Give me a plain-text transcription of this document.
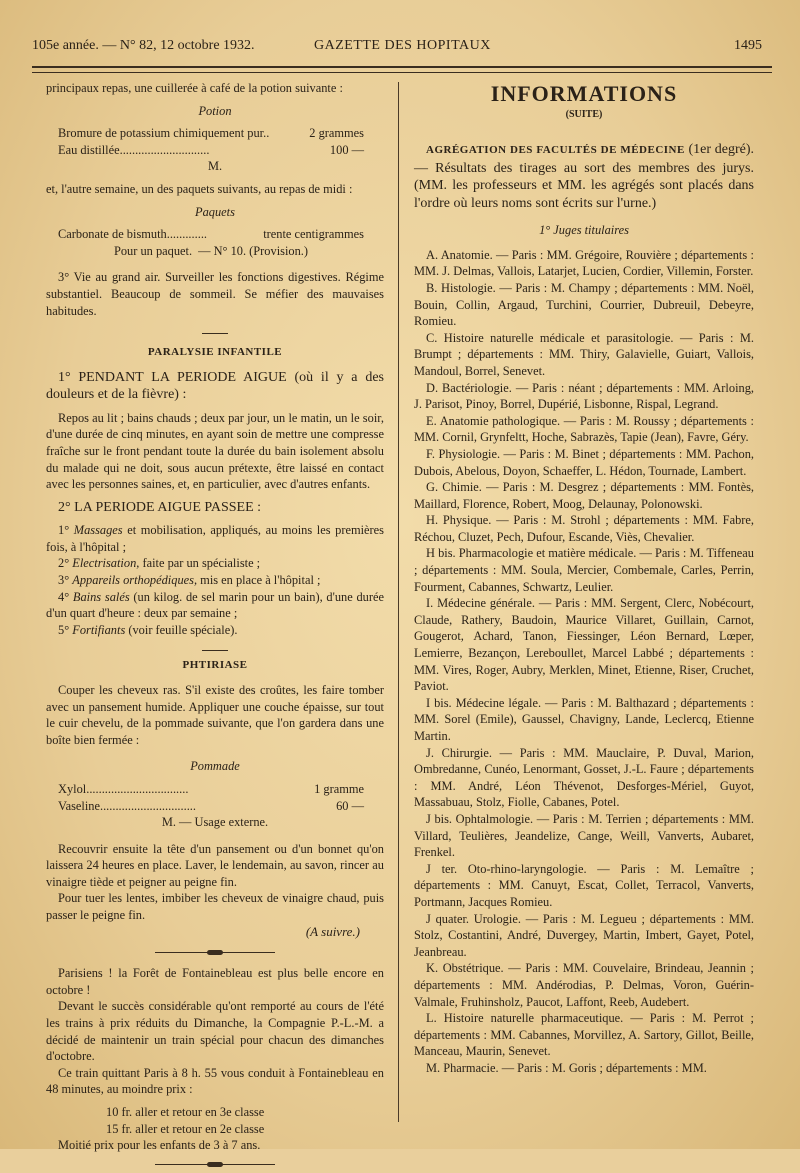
105e année. — N° 82, 12 octobre 1932.	GAZETTE DES HOPITAUX	1495

principaux repas, une cuillerée à café de la potion suivante :

Potion

Bromure de potassium chimiquement pur..	2 grammes
Eau distillée.............................	100 —

M.

et, l'autre semaine, un des paquets suivants, au repas de midi :

Paquets

Carbonate de bismuth.............	trente centigrammes
Pour un paquet. — N° 10. (Provision.)

3° Vie au grand air. Surveiller les fonctions digestives. Régime substantiel. Beaucoup de sommeil. Se méfier des mauvaises habitudes.

PARALYSIE INFANTILE

1° PENDANT LA PERIODE AIGUE (où il y a des douleurs et de la fièvre) :

Repos au lit ; bains chauds ; deux par jour, un le matin, un le soir, d'une durée de cinq minutes, en ayant soin de mettre une compresse fraîche sur le front pendant toute la durée du bain isolement absolu du malade qui ne doit, sous aucun prétexte, être laissé en contact avec les personnes saines, et, en particulier, avec d'autres enfants.

2° LA PERIODE AIGUE PASSEE :

1° Massages et mobilisation, appliqués, au moins les premières fois, à l'hôpital ;

2° Electrisation, faite par un spécialiste ;

3° Appareils orthopédiques, mis en place à l'hôpital ;

4° Bains salés (un kilog. de sel marin pour un bain), d'une durée d'un quart d'heure : deux par semaine ;

5° Fortifiants (voir feuille spéciale).

PHTIRIASE

Couper les cheveux ras. S'il existe des croûtes, les faire tomber avec un pansement humide. Appliquer une couche épaisse, sur tout le cuir chevelu, de la pommade suivante, que l'on gardera dans une boîte bien fermée :

Pommade

Xylol.................................	1 gramme
Vaseline...............................	60 —

M. — Usage externe.

Recouvrir ensuite la tête d'un pansement ou d'un bonnet qu'on laissera 24 heures en place. Laver, le lendemain, au savon, rincer au vinaigre tiède et peigner au peigne fin.

Pour tuer les lentes, imbiber les cheveux de vinaigre chaud, puis passer le peigne fin.

(A suivre.)

Parisiens ! la Forêt de Fontainebleau est plus belle encore en octobre !

Devant le succès considérable qu'ont remporté au cours de l'été les trains à prix réduits du Dimanche, la Compagnie P.-L.-M. a décidé de maintenir un train spécial pour chacun des dimanches d'octobre.

Ce train quittant Paris à 8 h. 55 vous conduit à Fontainebleau en 48 minutes, au moindre prix :

10 fr. aller et retour en 3e classe

15 fr. aller et retour en 2e classe

Moitié prix pour les enfants de 3 à 7 ans.

INFORMATIONS
(SUITE)

AGRÉGATION DES FACULTÉS DE MÉDECINE (1er degré). — Résultats des tirages au sort des membres des jurys. (MM. les professeurs et MM. les agrégés sont placés dans l'ordre où leurs noms sont écrits sur l'urne.)

1° Juges titulaires

A. Anatomie. — Paris : MM. Grégoire, Rouvière ; départements : MM. J. Delmas, Vallois, Latarjet, Lucien, Cordier, Villemin, Forster.

B. Histologie. — Paris : M. Champy ; départements : MM. Noël, Bouin, Collin, Argaud, Turchini, Courrier, Dubreuil, Debeyre, Romieu.

C. Histoire naturelle médicale et parasitologie. — Paris : M. Brumpt ; départements : MM. Thiry, Galavielle, Guiart, Vallois, Mandoul, Borrel, Senevet.

D. Bactériologie. — Paris : néant ; départements : MM. Arloing, J. Parisot, Pinoy, Borrel, Dupérié, Lisbonne, Rispal, Legrand.

E. Anatomie pathologique. — Paris : M. Roussy ; départements : MM. Cornil, Grynfeltt, Hoche, Sabrazès, Tapie (Jean), Favre, Géry.

F. Physiologie. — Paris : M. Binet ; départements : MM. Pachon, Dubois, Abelous, Doyon, Schaeffer, L. Hédon, Tournade, Lambert.

G. Chimie. — Paris : M. Desgrez ; départements : MM. Fontès, Maillard, Florence, Robert, Moog, Delaunay, Polonowski.

H. Physique. — Paris : M. Strohl ; départements : MM. Fabre, Réchou, Cluzet, Pech, Dufour, Escande, Viès, Chevalier.

H bis. Pharmacologie et matière médicale. — Paris : M. Tiffeneau ; départements : MM. Soula, Mercier, Combemale, Carles, Perrin, Fourment, Cabannes, Schwartz, Leulier.

I. Médecine générale. — Paris : MM. Sergent, Clerc, Nobécourt, Claude, Rathery, Baudoin, Maurice Villaret, Guillain, Carnot, Gougerot, Achard, Tanon, Fiessinger, Léon Bernard, Lœper, Lemierre, Bezançon, Lereboullet, Marcel Labbé ; départements : MM. Vires, Roger, Aubry, Merklen, Minet, Etienne, Riser, Cruchet, Paviot.

I bis. Médecine légale. — Paris : M. Balthazard ; départements : MM. Sorel (Emile), Gaussel, Chavigny, Lande, Leclercq, Etienne Martin.

J. Chirurgie. — Paris : MM. Mauclaire, P. Duval, Marion, Ombredanne, Cunéo, Lenormant, Gosset, J.-L. Faure ; départements : MM. André, Léon Thévenot, Desforges-Mériel, Guyot, Massabuau, Stolz, Fiolle, Cabanes, Potel.

J bis. Ophtalmologie. — Paris : M. Terrien ; départements : MM. Villard, Teulières, Jeandelize, Cange, Weill, Vanverts, Aubaret, Frenkel.

J ter. Oto-rhino-laryngologie. — Paris : M. Lemaître ; départements : MM. Canuyt, Escat, Collet, Terracol, Vanverts, Portmann, Jacques Romieu.

J quater. Urologie. — Paris : M. Legueu ; départements : MM. Stolz, Costantini, André, Duvergey, Martin, Imbert, Gayet, Potel, Jeanbreau.

K. Obstétrique. — Paris : MM. Couvelaire, Brindeau, Jeannin ; départements : MM. Andérodias, P. Delmas, Voron, Guérin-Valmale, Fruhinsholz, Paucot, Laffont, Reeb, Audebert.

L. Histoire naturelle pharmaceutique. — Paris : M. Perrot ; départements : MM. Cabannes, Morvillez, A. Sartory, Gillot, Beille, Manceau, Maurin, Senevet.

M. Pharmacie. — Paris : M. Goris ; départements : MM.
